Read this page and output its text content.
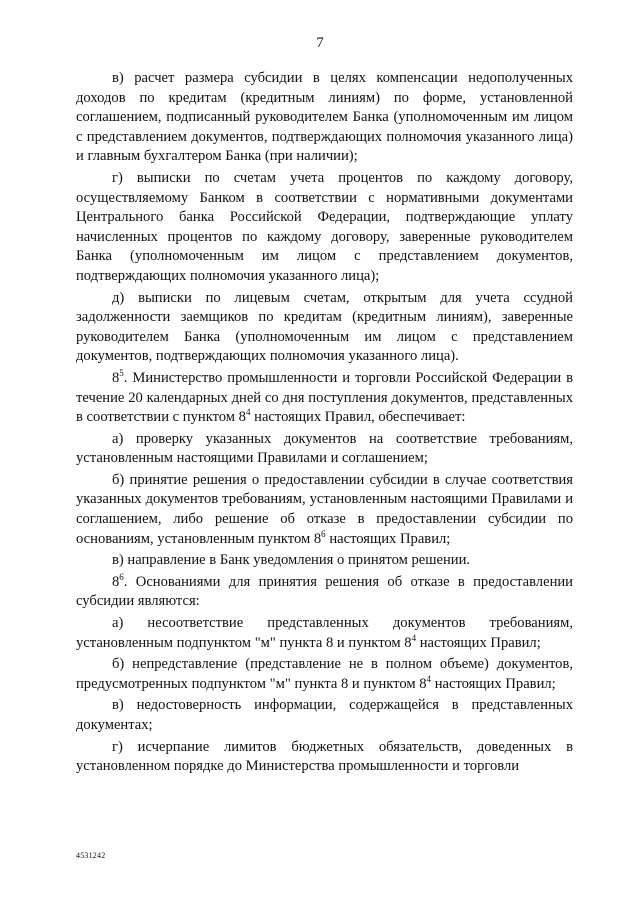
7

в) расчет размера субсидии в целях компенсации недополученных доходов по кредитам (кредитным линиям) по форме, установленной соглашением, подписанный руководителем Банка (уполномоченным им лицом с представлением документов, подтверждающих полномочия указанного лица) и главным бухгалтером Банка (при наличии);

г) выписки по счетам учета процентов по каждому договору, осуществляемому Банком в соответствии с нормативными документами Центрального банка Российской Федерации, подтверждающие уплату начисленных процентов по каждому договору, заверенные руководителем Банка (уполномоченным им лицом с представлением документов, подтверждающих полномочия указанного лица);

д) выписки по лицевым счетам, открытым для учета ссудной задолженности заемщиков по кредитам (кредитным линиям), заверенные руководителем Банка (уполномоченным им лицом с представлением документов, подтверждающих полномочия указанного лица).

$8^5$. Министерство промышленности и торговли Российской Федерации в течение 20 календарных дней со дня поступления документов, представленных в соответствии с пунктом $8^4$ настоящих Правил, обеспечивает:

а) проверку указанных документов на соответствие требованиям, установленным настоящими Правилами и соглашением;

б) принятие решения о предоставлении субсидии в случае соответствия указанных документов требованиям, установленным настоящими Правилами и соглашением, либо решение об отказе в предоставлении субсидии по основаниям, установленным пунктом $8^6$ настоящих Правил;

в) направление в Банк уведомления о принятом решении.

$8^6$. Основаниями для принятия решения об отказе в предоставлении субсидии являются:

а) несоответствие представленных документов требованиям, установленным подпунктом "м" пункта 8 и пунктом $8^4$ настоящих Правил;

б) непредставление (представление не в полном объеме) документов, предусмотренных подпунктом "м" пункта 8 и пунктом $8^4$ настоящих Правил;

в) недостоверность информации, содержащейся в представленных документах;

г) исчерпание лимитов бюджетных обязательств, доведенных в установленном порядке до Министерства промышленности и торговли

4531242
